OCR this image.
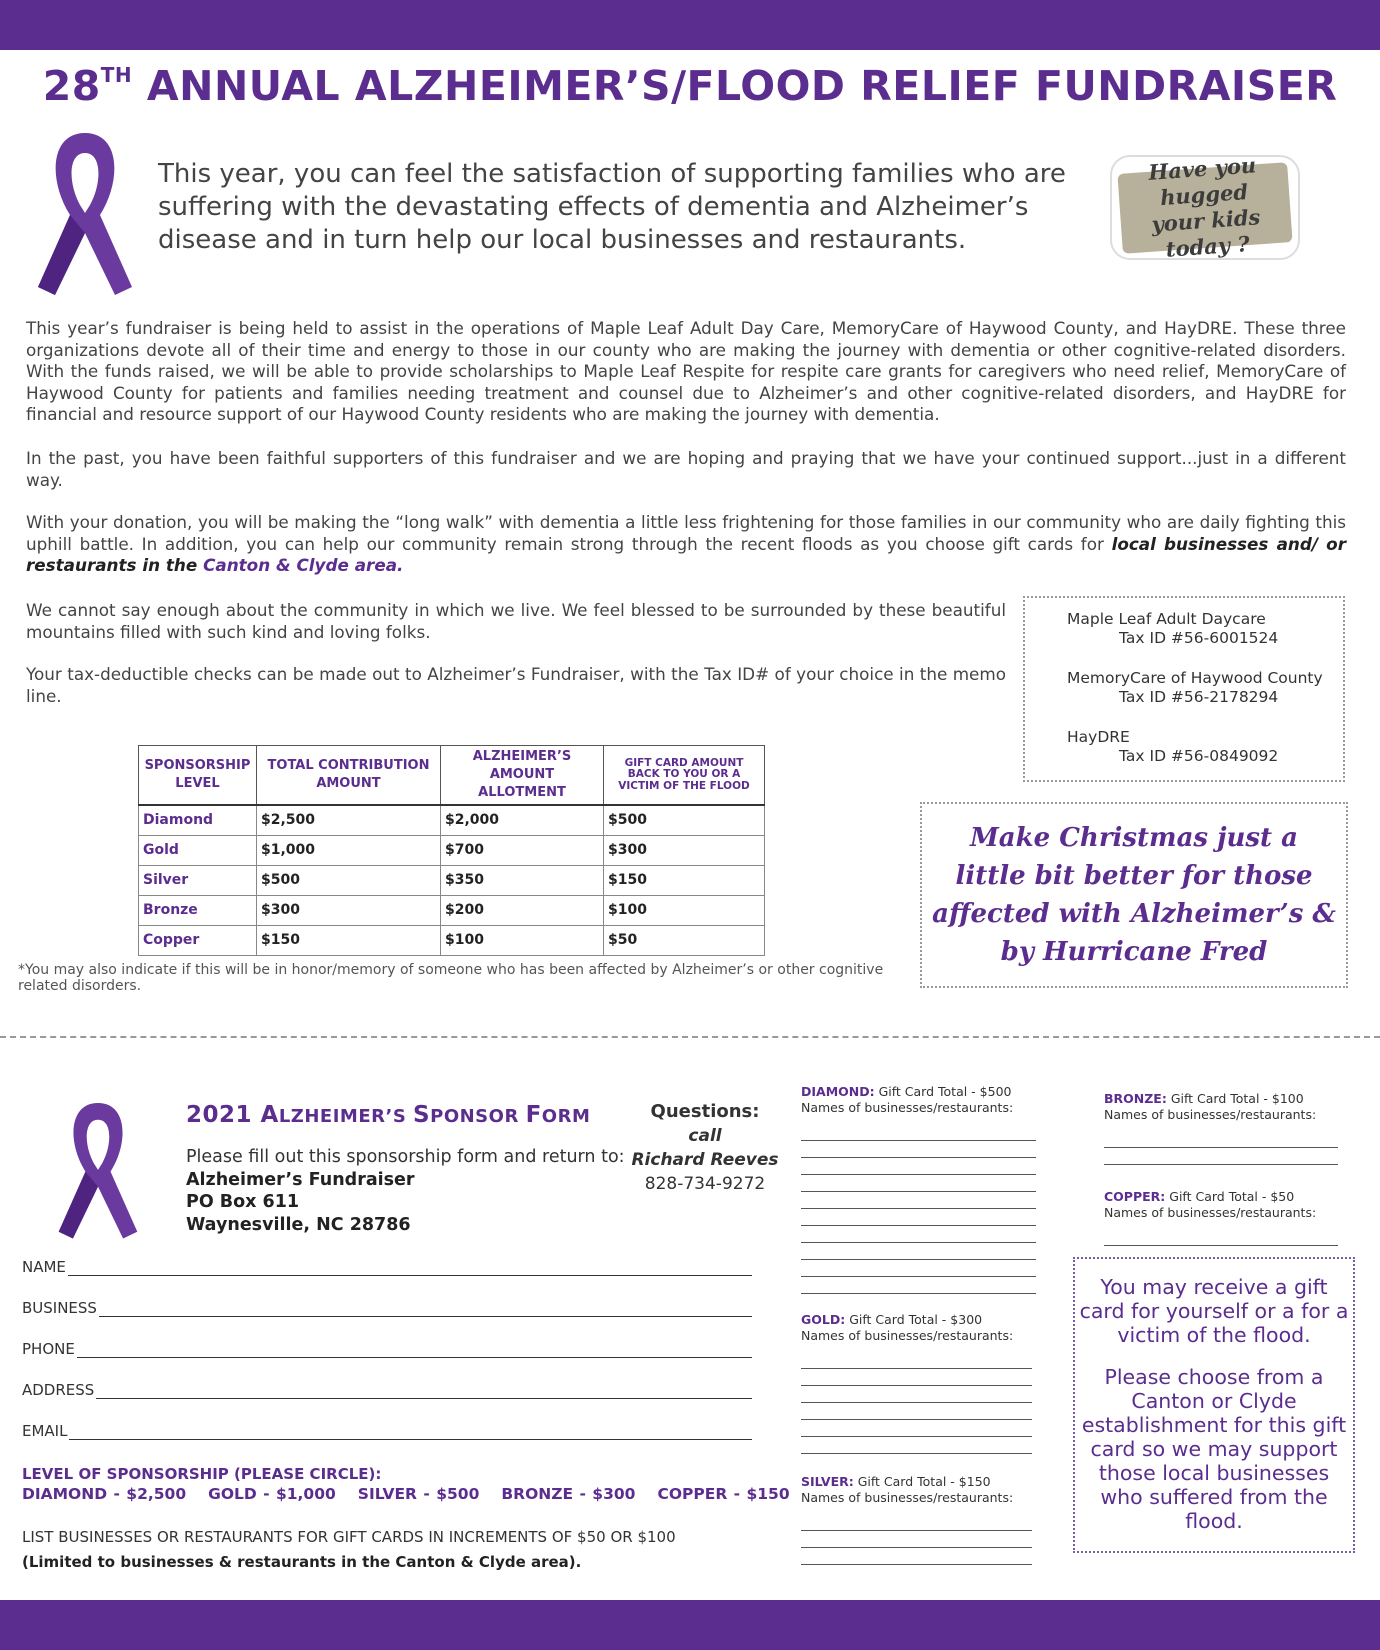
28TH ANNUAL ALZHEIMER’S/FLOOD RELIEF FUNDRAISER
This year, you can feel the satisfaction of supporting families who are suffering with the devastating effects of dementia and Alzheimer’s disease and in turn help our local businesses and restaurants.
Have you hugged
your kids today ?
This year’s fundraiser is being held to assist in the operations of Maple Leaf Adult Day Care, MemoryCare of Haywood County, and HayDRE. These three organizations devote all of their time and energy to those in our county who are making the journey with dementia or other cognitive-related disorders. With the funds raised, we will be able to provide scholarships to Maple Leaf Respite for respite care grants for caregivers who need relief, MemoryCare of Haywood County for patients and families needing treatment and counsel due to Alzheimer’s and other cognitive-related disorders, and HayDRE for financial and resource support of our Haywood County residents who are making the journey with dementia.
In the past, you have been faithful supporters of this fundraiser and we are hoping and praying that we have your continued support...just in a different way.
With your donation, you will be making the “long walk” with dementia a little less frightening for those families in our community who are daily fighting this uphill battle. In addition, you can help our community remain strong through the recent floods as you choose gift cards for local businesses and/ or restaurants in the Canton & Clyde area.
We cannot say enough about the community in which we live. We feel blessed to be surrounded by these beautiful mountains filled with such kind and loving folks.
Your tax-deductible checks can be made out to Alzheimer’s Fundraiser, with the Tax ID# of your choice in the memo line.
Maple Leaf Adult Daycare
Tax ID #56-6001524
MemoryCare of Haywood County
Tax ID #56-2178294
HayDRE
Tax ID #56-0849092
SPONSORSHIP LEVEL	TOTAL CONTRIBUTION AMOUNT	ALZHEIMER’S AMOUNT ALLOTMENT	GIFT CARD AMOUNT BACK TO YOU OR A VICTIM OF THE FLOOD
Diamond	$2,500	$2,000	$500
Gold	$1,000	$700	$300
Silver	$500	$350	$150
Bronze	$300	$200	$100
Copper	$150	$100	$50
*You may also indicate if this will be in honor/memory of someone who has been affected by Alzheimer’s or other cognitive related disorders.
Make Christmas just a
little bit better for those
affected with Alzheimer’s &
by Hurricane Fred
2021 ALZHEIMER’S SPONSOR FORM
Please fill out this sponsorship form and return to:
Alzheimer’s Fundraiser
PO Box 611
Waynesville, NC 28786
Questions:
call
Richard Reeves
828-734-9272
NAME
BUSINESS
PHONE
ADDRESS
EMAIL
LEVEL OF SPONSORSHIP (PLEASE CIRCLE):
DIAMOND - $2,500 GOLD - $1,000 SILVER - $500 BRONZE - $300 COPPER - $150
LIST BUSINESSES OR RESTAURANTS FOR GIFT CARDS IN INCREMENTS OF $50 OR $100
(Limited to businesses & restaurants in the Canton & Clyde area).
DIAMOND: Gift Card Total - $500
Names of businesses/restaurants:
GOLD: Gift Card Total - $300
Names of businesses/restaurants:
SILVER: Gift Card Total - $150
Names of businesses/restaurants:
BRONZE: Gift Card Total - $100
Names of businesses/restaurants:
COPPER: Gift Card Total - $50
Names of businesses/restaurants:

You may receive a gift card for yourself or a for a victim of the flood.

Please choose from a Canton or Clyde establishment for this gift card so we may support those local businesses who suffered from the flood.
